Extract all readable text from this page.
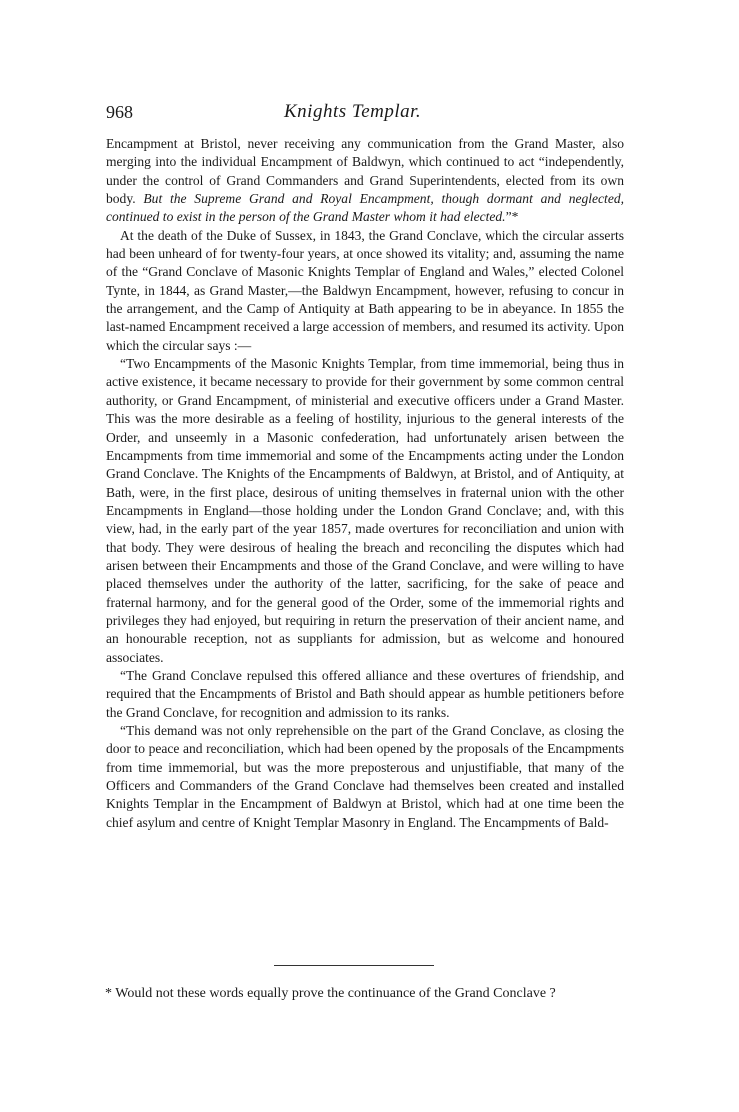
968	Knights Templar.

Encampment at Bristol, never receiving any communication from the Grand Master, also merging into the individual Encampment of Baldwyn, which continued to act “independently, under the control of Grand Commanders and Grand Superintendents, elected from its own body. But the Supreme Grand and Royal Encampment, though dormant and neglected, continued to exist in the person of the Grand Master whom it had elected.”*

At the death of the Duke of Sussex, in 1843, the Grand Conclave, which the circular asserts had been unheard of for twenty-four years, at once showed its vitality; and, assuming the name of the “Grand Conclave of Masonic Knights Templar of England and Wales,” elected Colonel Tynte, in 1844, as Grand Master,—the Baldwyn Encampment, however, refusing to concur in the arrangement, and the Camp of Antiquity at Bath appearing to be in abeyance. In 1855 the last-named Encampment received a large accession of members, and resumed its activity. Upon which the circular says :—

“Two Encampments of the Masonic Knights Templar, from time immemorial, being thus in active existence, it became necessary to provide for their government by some common central authority, or Grand Encampment, of ministerial and executive officers under a Grand Master. This was the more desirable as a feeling of hostility, injurious to the general interests of the Order, and unseemly in a Masonic confederation, had unfortunately arisen between the Encampments from time immemorial and some of the Encampments acting under the London Grand Conclave. The Knights of the Encampments of Baldwyn, at Bristol, and of Antiquity, at Bath, were, in the first place, desirous of uniting themselves in fraternal union with the other Encampments in England—those holding under the London Grand Conclave; and, with this view, had, in the early part of the year 1857, made overtures for reconciliation and union with that body. They were desirous of healing the breach and reconciling the disputes which had arisen between their Encampments and those of the Grand Conclave, and were willing to have placed themselves under the authority of the latter, sacrificing, for the sake of peace and fraternal harmony, and for the general good of the Order, some of the immemorial rights and privileges they had enjoyed, but requiring in return the preservation of their ancient name, and an honourable reception, not as suppliants for admission, but as welcome and honoured associates.

“The Grand Conclave repulsed this offered alliance and these overtures of friendship, and required that the Encampments of Bristol and Bath should appear as humble petitioners before the Grand Conclave, for recognition and admission to its ranks.

“This demand was not only reprehensible on the part of the Grand Conclave, as closing the door to peace and reconciliation, which had been opened by the proposals of the Encampments from time immemorial, but was the more preposterous and unjustifiable, that many of the Officers and Commanders of the Grand Conclave had themselves been created and installed Knights Templar in the Encampment of Baldwyn at Bristol, which had at one time been the chief asylum and centre of Knight Templar Masonry in England. The Encampments of Bald-

* Would not these words equally prove the continuance of the Grand Conclave ?
